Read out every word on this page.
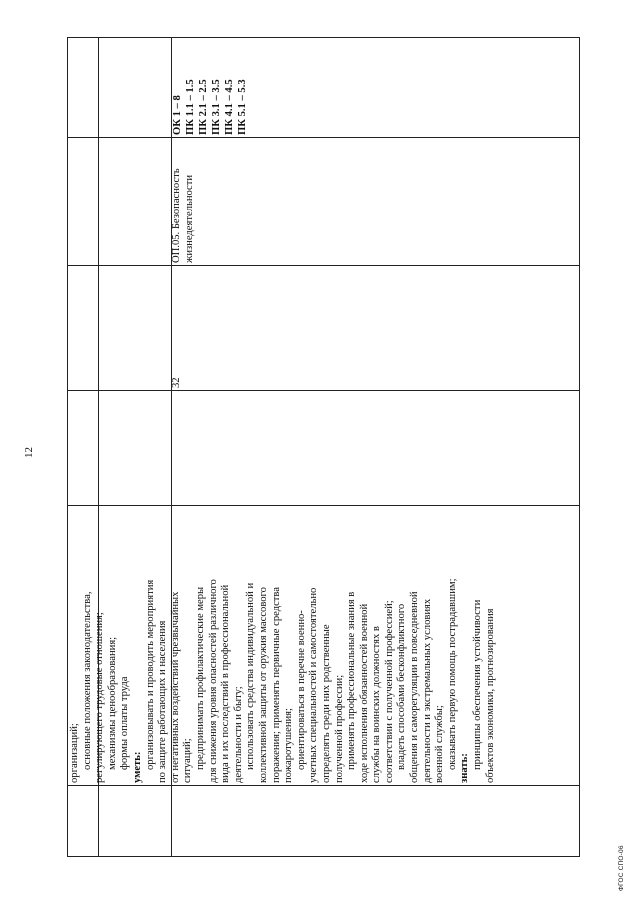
12
организаций; основные положения законодательства, регулирующего трудовые отношения; механизмы ценообразования; формы оплаты труда уметь: организовывать и проводить мероприятия по защите работающих и населения от негативных воздействий чрезвычайных ситуаций; предпринимать профилактические меры для снижения уровня опасностей различного вида и их последствий в профессиональной деятельности и быту; использовать средства индивидуальной и коллективной защиты от оружия массового поражения; применять первичные средства пожаротушения; ориентироваться в перечне военно- учетных специальностей и самостоятельно определять среди них родственные полученной профессии; применять профессиональные знания в ходе исполнения обязанностей военной службы на воинских должностях в соответствии с полученной профессией; владеть способами бесконфликтного общения и саморегуляции в повседневной деятельности и экстремальных условиях военной службы; оказывать первую помощь пострадавшим; знать: принципы обеспечения устойчивости объектов экономики, прогнозирования
32
ОП.05. Безопасность жизнедеятельности
ОК 1 – 8 ПК 1.1 – 1.5 ПК 2.1 – 2.5 ПК 3.1 – 3.5 ПК 4.1 – 4.5 ПК 5.1 – 5.3
ФГОС СПО-06
